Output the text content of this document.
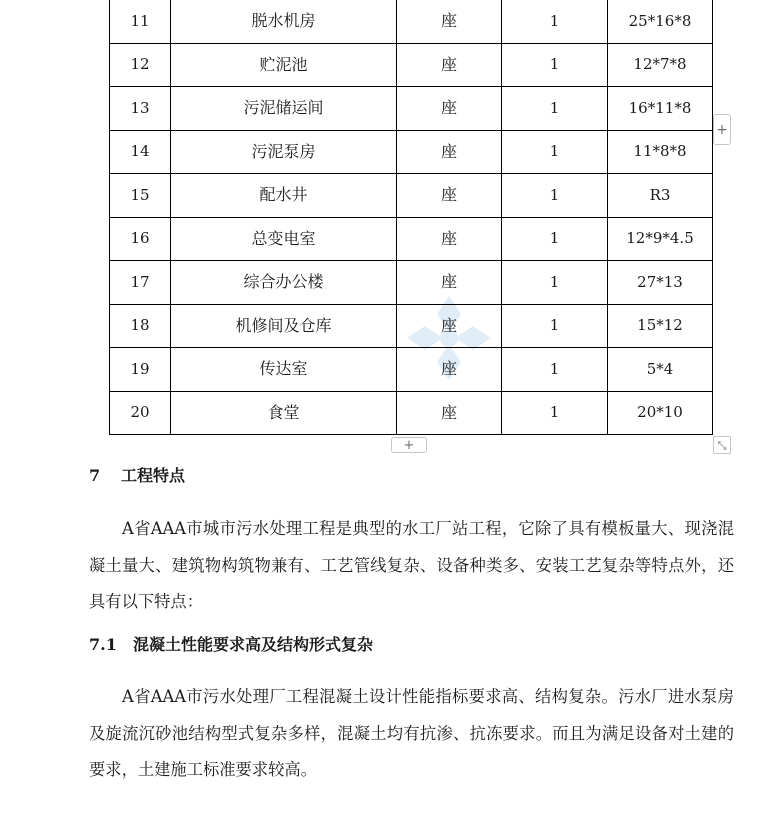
11	脱水机房	座	1	25*16*8
12	贮泥池	座	1	12*7*8
13	污泥储运间	座	1	16*11*8
14	污泥泵房	座	1	11*8*8
15	配水井	座	1	R3
16	总变电室	座	1	12*9*4.5
17	综合办公楼	座	1	27*13
18	机修间及仓库	座	1	15*12
19	传达室	座	1	5*4
20	食堂	座	1	20*10
+
+	⤡
7 工程特点

A省AAA市城市污水处理工程是典型的水工厂站工程，它除了具有模板量大、现浇混凝土量大、建筑物构筑物兼有、工艺管线复杂、设备种类多、安装工艺复杂等特点外，还具有以下特点：

7.1 混凝土性能要求高及结构形式复杂

A省AAA市污水处理厂工程混凝土设计性能指标要求高、结构复杂。污水厂进水泵房及旋流沉砂池结构型式复杂多样，混凝土均有抗渗、抗冻要求。而且为满足设备对土建的要求，土建施工标准要求较高。
